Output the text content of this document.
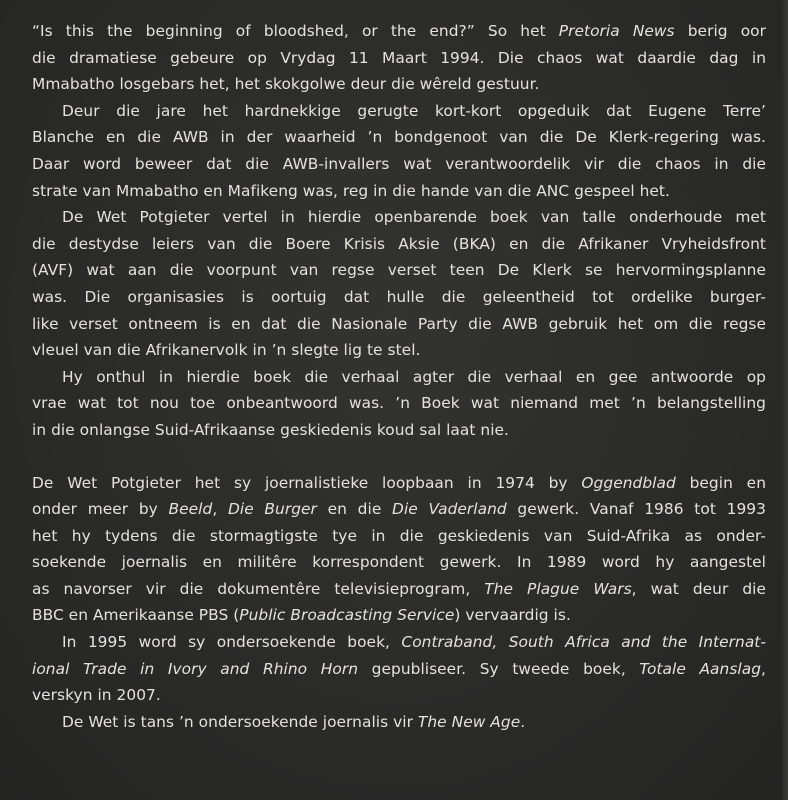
“Is this the beginning of bloodshed, or the end?” So het Pretoria News berig oor
die dramatiese gebeure op Vrydag 11 Maart 1994. Die chaos wat daardie dag in
Mmabatho losgebars het, het skokgolwe deur die wêreld gestuur.
Deur die jare het hardnekkige gerugte kort-kort opgeduik dat Eugene Terre’
Blanche en die AWB in der waarheid ’n bondgenoot van die De Klerk-regering was.
Daar word beweer dat die AWB-invallers wat verantwoordelik vir die chaos in die
strate van Mmabatho en Mafikeng was, reg in die hande van die ANC gespeel het.
De Wet Potgieter vertel in hierdie openbarende boek van talle onderhoude met
die destydse leiers van die Boere Krisis Aksie (BKA) en die Afrikaner Vryheidsfront
(AVF) wat aan die voorpunt van regse verset teen De Klerk se hervormingsplanne
was. Die organisasies is oortuig dat hulle die geleentheid tot ordelike burger-
like verset ontneem is en dat die Nasionale Party die AWB gebruik het om die regse
vleuel van die Afrikanervolk in ’n slegte lig te stel.
Hy onthul in hierdie boek die verhaal agter die verhaal en gee antwoorde op
vrae wat tot nou toe onbeantwoord was. ’n Boek wat niemand met ’n belangstelling
in die onlangse Suid-Afrikaanse geskiedenis koud sal laat nie.
De Wet Potgieter het sy joernalistieke loopbaan in 1974 by Oggendblad begin en
onder meer by Beeld, Die Burger en die Die Vaderland gewerk. Vanaf 1986 tot 1993
het hy tydens die stormagtigste tye in die geskiedenis van Suid-Afrika as onder-
soekende joernalis en militêre korrespondent gewerk. In 1989 word hy aangestel
as navorser vir die dokumentêre televisieprogram, The Plague Wars, wat deur die
BBC en Amerikaanse PBS (Public Broadcasting Service) vervaardig is.
In 1995 word sy ondersoekende boek, Contraband, South Africa and the Internat-
ional Trade in Ivory and Rhino Horn gepubliseer. Sy tweede boek, Totale Aanslag,
verskyn in 2007.
De Wet is tans ’n ondersoekende joernalis vir The New Age.
